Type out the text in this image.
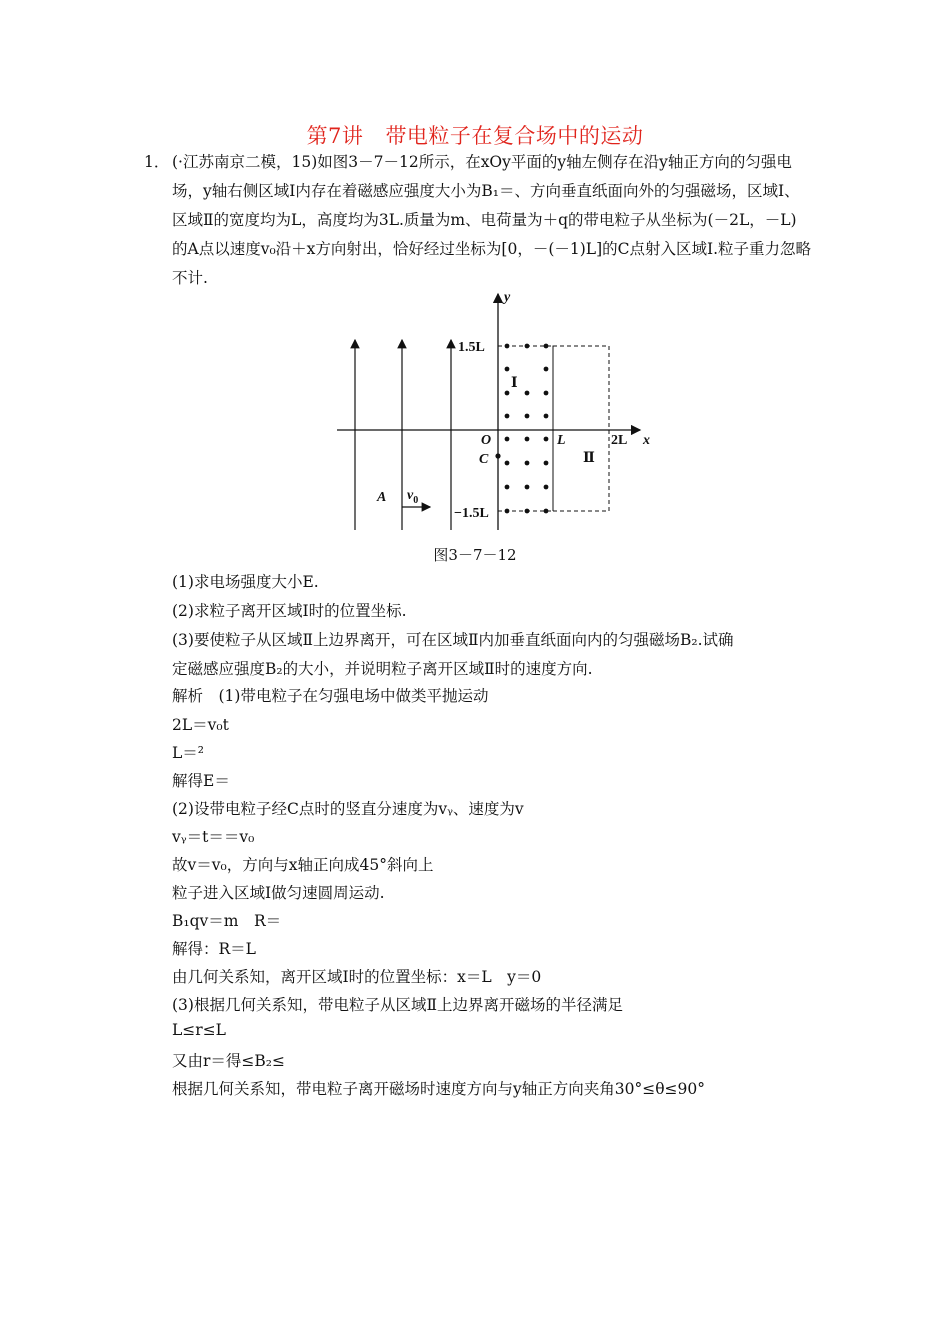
第7讲 带电粒子在复合场中的运动
1． (·江苏南京二模，15)如图3－7－12所示，在xOy平面的y轴左侧存在沿y轴正方向的匀强电场，y轴右侧区域Ⅰ内存在着磁感应强度大小为B₁＝、方向垂直纸面向外的匀强磁场，区域Ⅰ、区域Ⅱ的宽度均为L，高度均为3L.质量为m、电荷量为＋q的带电粒子从坐标为(－2L，－L)的A点以速度v₀沿＋x方向射出，恰好经过坐标为[0，－(－1)L]的C点射入区域Ⅰ.粒子重力忽略不计.
y
1.5L
Ⅰ
O	L	2L x
C	Ⅱ
A $v_0$
−1.5L
图3－7－12
(1)求电场强度大小E.
(2)求粒子离开区域Ⅰ时的位置坐标.
(3)要使粒子从区域Ⅱ上边界离开，可在区域Ⅱ内加垂直纸面向内的匀强磁场B₂.试确
定磁感应强度B₂的大小，并说明粒子离开区域Ⅱ时的速度方向.
解析　(1)带电粒子在匀强电场中做类平抛运动
2L＝v₀t
L＝²
解得E＝
(2)设带电粒子经C点时的竖直分速度为vᵧ、速度为v
vᵧ＝t＝＝v₀
故v＝v₀，方向与x轴正向成45°斜向上
粒子进入区域Ⅰ做匀速圆周运动.
B₁qv＝m　R＝
解得：R＝L
由几何关系知，离开区域Ⅰ时的位置坐标：x＝L　y＝0
(3)根据几何关系知，带电粒子从区域Ⅱ上边界离开磁场的半径满足
L≤r≤L
又由r＝得≤B₂≤
根据几何关系知，带电粒子离开磁场时速度方向与y轴正方向夹角30°≤θ≤90°
